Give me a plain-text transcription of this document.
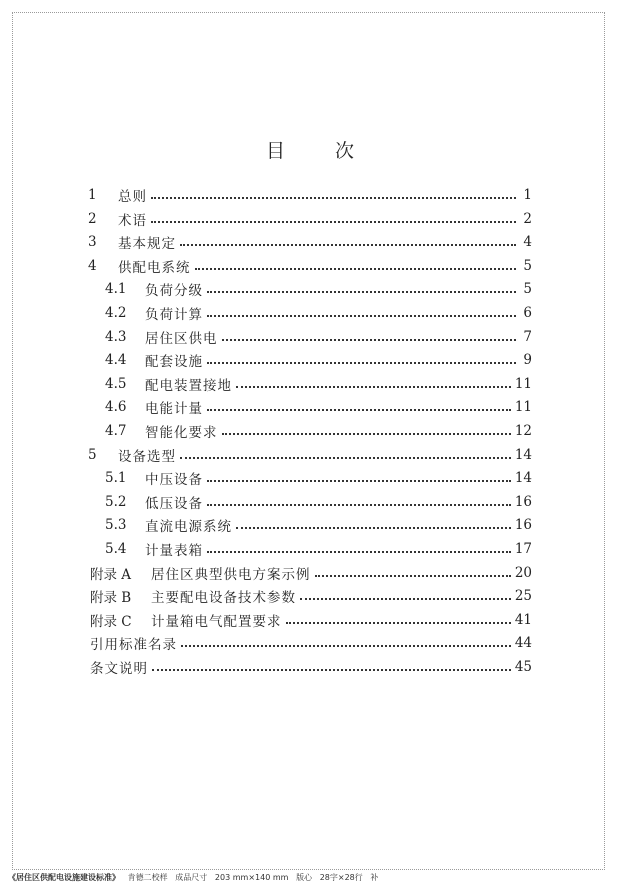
目 次
1	总则	1
2	术语	2
3	基本规定	4
4	供配电系统	5
4.1	负荷分级	5
4.2	负荷计算	6
4.3	居住区供电	7
4.4	配套设施	9
4.5	配电装置接地	11
4.6	电能计量	11
4.7	智能化要求	12
5	设备选型	14
5.1	中压设备	14
5.2	低压设备	16
5.3	直流电源系统	16
5.4	计量表箱	17
附录 A	居住区典型供电方案示例	20
附录 B	主要配电设备技术参数	25
附录 C	计量箱电气配置要求	41
引用标准名录	44
条文说明	45
《居住区供配电设施建设标准》 肯德二校样 成品尺寸 203 mm×140 mm 版心 28字×28行 补
